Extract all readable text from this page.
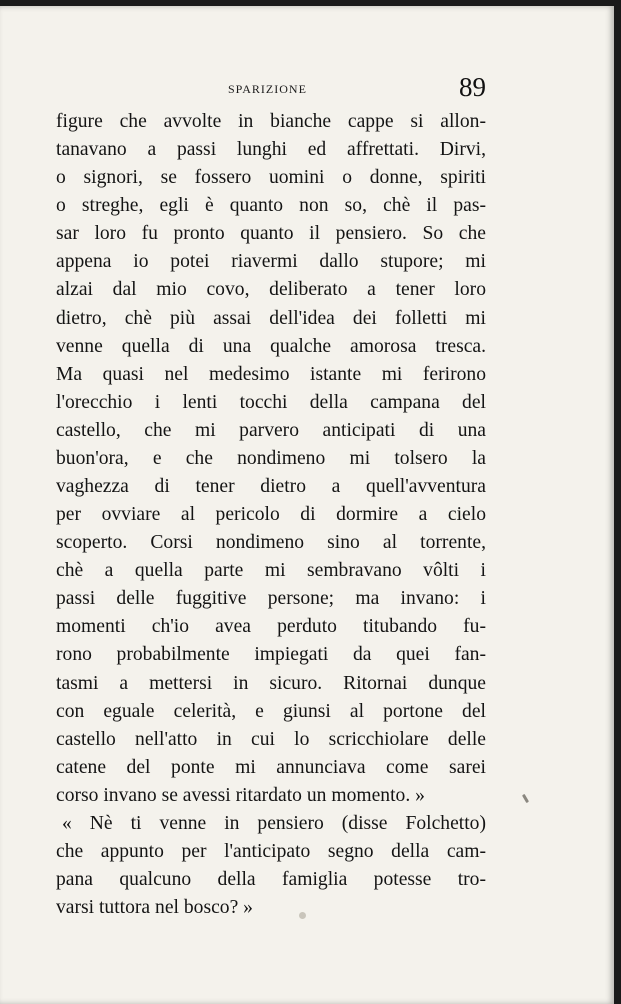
SPARIZIONE	89
figure che avvolte in bianche cappe si allon-
tanavano a passi lunghi ed affrettati. Dirvi,
o signori, se fossero uomini o donne, spiriti
o streghe, egli è quanto non so, chè il pas-
sar loro fu pronto quanto il pensiero. So che
appena io potei riavermi dallo stupore; mi
alzai dal mio covo, deliberato a tener loro
dietro, chè più assai dell'idea dei folletti mi
venne quella di una qualche amorosa tresca.
Ma quasi nel medesimo istante mi ferirono
l'orecchio i lenti tocchi della campana del
castello, che mi parvero anticipati di una
buon'ora, e che nondimeno mi tolsero la
vaghezza di tener dietro a quell'avventura
per ovviare al pericolo di dormire a cielo
scoperto. Corsi nondimeno sino al torrente,
chè a quella parte mi sembravano vôlti i
passi delle fuggitive persone; ma invano: i
momenti ch'io avea perduto titubando fu-
rono probabilmente impiegati da quei fan-
tasmi a mettersi in sicuro. Ritornai dunque
con eguale celerità, e giunsi al portone del
castello nell'atto in cui lo scricchiolare delle
catene del ponte mi annunciava come sarei
corso invano se avessi ritardato un momento. »
« Nè ti venne in pensiero (disse Folchetto)
che appunto per l'anticipato segno della cam-
pana qualcuno della famiglia potesse tro-
varsi tuttora nel bosco? »
